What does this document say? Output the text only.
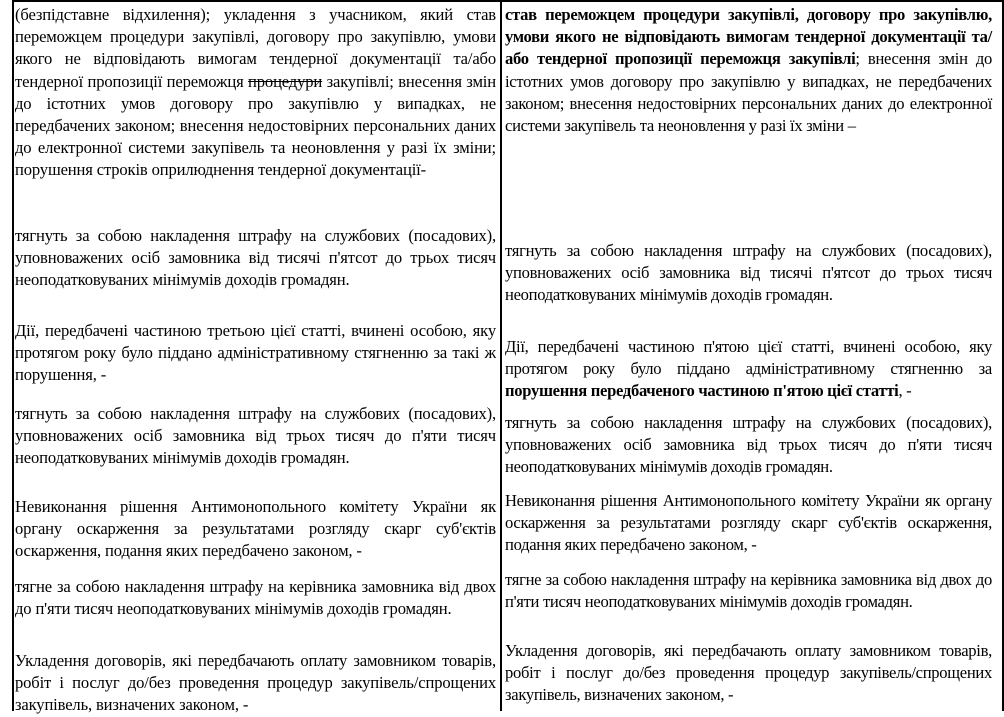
(безпідставне відхилення); укладення з учасником, який став переможцем процедури закупівлі, договору про закупівлю, умови якого не відповідають вимогам тендерної документації та/або тендерної пропозиції переможця процедури закупівлі; внесення змін до істотних умов договору про закупівлю у випадках, не передбачених законом; внесення недостовірних персональних даних до електронної системи закупівель та неоновлення у разі їх зміни; порушення строків оприлюднення тендерної документації-

тягнуть за собою накладення штрафу на службових (посадових), уповноважених осіб замовника від тисячі п'ятсот до трьох тисяч неоподатковуваних мінімумів доходів громадян.

Дії, передбачені частиною третьою цієї статті, вчинені особою, яку протягом року було піддано адміністративному стягненню за такі ж порушення, -

тягнуть за собою накладення штрафу на службових (посадових), уповноважених осіб замовника від трьох тисяч до п'яти тисяч неоподатковуваних мінімумів доходів громадян.

Невиконання рішення Антимонопольного комітету України як органу оскарження за результатами розгляду скарг суб'єктів оскарження, подання яких передбачено законом, -

тягне за собою накладення штрафу на керівника замовника від двох до п'яти тисяч неоподатковуваних мінімумів доходів громадян.

Укладення договорів, які передбачають оплату замовником товарів, робіт і послуг до/без проведення процедур закупівель/спрощених закупівель, визначених законом, -

став переможцем процедури закупівлі, договору про закупівлю, умови якого не відповідають вимогам тендерної документації та/або тендерної пропозиції переможця закупівлі; внесення змін до істотних умов договору про закупівлю у випадках, не передбачених законом; внесення недостовірних персональних даних до електронної системи закупівель та неоновлення у разі їх зміни –

тягнуть за собою накладення штрафу на службових (посадових), уповноважених осіб замовника від тисячі п'ятсот до трьох тисяч неоподатковуваних мінімумів доходів громадян.

Дії, передбачені частиною п'ятою цієї статті, вчинені особою, яку протягом року було піддано адміністративному стягненню за порушення передбаченого частиною п'ятою цієї статті, -

тягнуть за собою накладення штрафу на службових (посадових), уповноважених осіб замовника від трьох тисяч до п'яти тисяч неоподатковуваних мінімумів доходів громадян.

Невиконання рішення Антимонопольного комітету України як органу оскарження за результатами розгляду скарг суб'єктів оскарження, подання яких передбачено законом, -

тягне за собою накладення штрафу на керівника замовника від двох до п'яти тисяч неоподатковуваних мінімумів доходів громадян.

Укладення договорів, які передбачають оплату замовником товарів, робіт і послуг до/без проведення процедур закупівель/спрощених закупівель, визначених законом, -
